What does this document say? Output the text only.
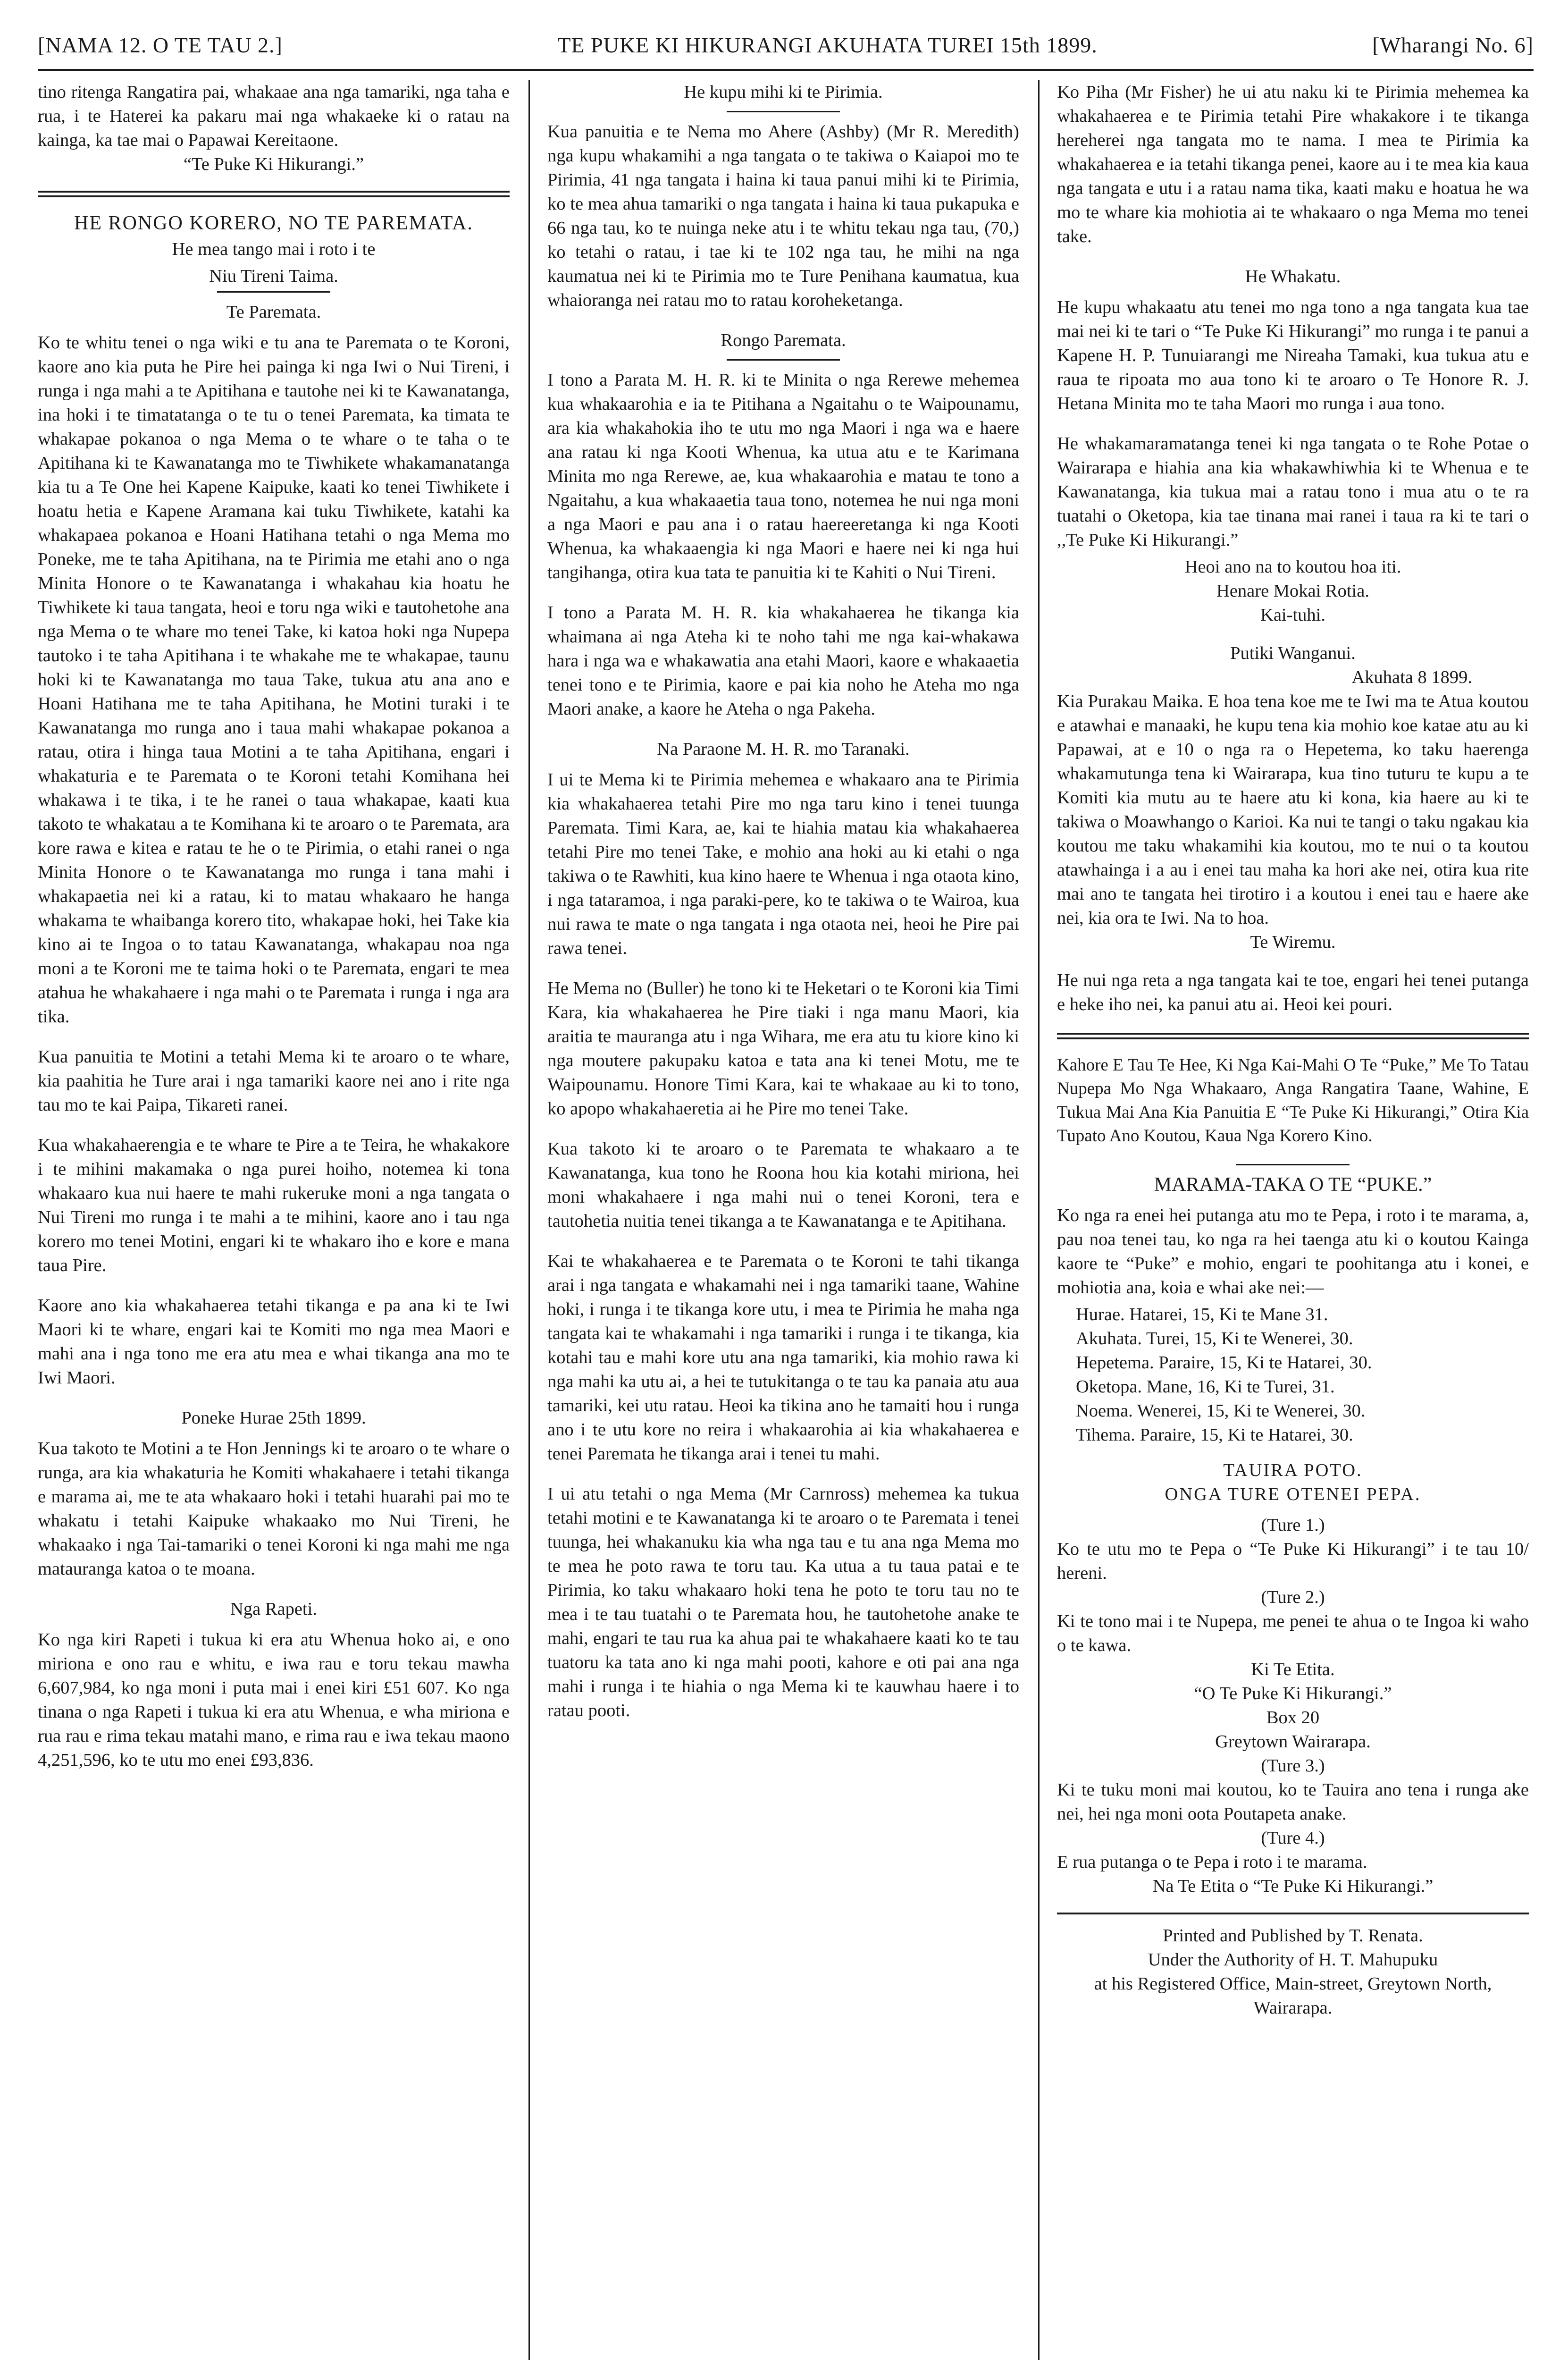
[NAMA 12. O TE TAU 2.]	TE PUKE KI HIKURANGI AKUHATA TUREI 15th 1899.	[Wharangi No. 6]

tino ritenga Rangatira pai, whakaae ana nga tamariki, nga taha e rua, i te Haterei ka pakaru mai nga whakaeke ki o ratau na kainga, ka tae mai o Papawai Kereitaone.

“Te Puke Ki Hikurangi.”

HE RONGO KORERO, NO TE PAREMATA.

He mea tango mai i roto i te

Niu Tireni Taima.

Te Paremata.

Ko te whitu tenei o nga wiki e tu ana te Paremata o te Koroni, kaore ano kia puta he Pire hei painga ki nga Iwi o Nui Tireni, i runga i nga mahi a te Apitihana e tautohe nei ki te Kawanatanga, ina hoki i te timatatanga o te tu o tenei Paremata, ka timata te whakapae pokanoa o nga Mema o te whare o te taha o te Apitihana ki te Kawanatanga mo te Tiwhikete whakamanatanga kia tu a Te One hei Kapene Kaipuke, kaati ko tenei Tiwhikete i hoatu hetia e Kapene Aramana kai tuku Tiwhikete, katahi ka whakapaea pokanoa e Hoani Hatihana tetahi o nga Mema mo Poneke, me te taha Apitihana, na te Pirimia me etahi ano o nga Minita Honore o te Kawanatanga i whakahau kia hoatu he Tiwhikete ki taua tangata, heoi e toru nga wiki e tautohetohe ana nga Mema o te whare mo tenei Take, ki katoa hoki nga Nupepa tautoko i te taha Apitihana i te whakahe me te whakapae, taunu hoki ki te Kawanatanga mo taua Take, tukua atu ana ano e Hoani Hatihana me te taha Apitihana, he Motini turaki i te Kawanatanga mo runga ano i taua mahi whakapae pokanoa a ratau, otira i hinga taua Motini a te taha Apitihana, engari i whakaturia e te Paremata o te Koroni tetahi Komihana hei whakawa i te tika, i te he ranei o taua whakapae, kaati kua takoto te whakatau a te Komihana ki te aroaro o te Paremata, ara kore rawa e kitea e ratau te he o te Pirimia, o etahi ranei o nga Minita Honore o te Kawanatanga mo runga i tana mahi i whakapaetia nei ki a ratau, ki to matau whakaaro he hanga whakama te whaibanga korero tito, whakapae hoki, hei Take kia kino ai te Ingoa o to tatau Kawanatanga, whakapau noa nga moni a te Koroni me te taima hoki o te Paremata, engari te mea atahua he whakahaere i nga mahi o te Paremata i runga i nga ara tika.

Kua panuitia te Motini a tetahi Mema ki te aroaro o te whare, kia paahitia he Ture arai i nga tamariki kaore nei ano i rite nga tau mo te kai Paipa, Tikareti ranei.

Kua whakahaerengia e te whare te Pire a te Teira, he whakakore i te mihini makamaka o nga purei hoiho, notemea ki tona whakaaro kua nui haere te mahi rukeruke moni a nga tangata o Nui Tireni mo runga i te mahi a te mihini, kaore ano i tau nga korero mo tenei Motini, engari ki te whakaro iho e kore e mana taua Pire.

Kaore ano kia whakahaerea tetahi tikanga e pa ana ki te Iwi Maori ki te whare, engari kai te Komiti mo nga mea Maori e mahi ana i nga tono me era atu mea e whai tikanga ana mo te Iwi Maori.

Poneke Hurae 25th 1899.

Kua takoto te Motini a te Hon Jennings ki te aroaro o te whare o runga, ara kia whakaturia he Komiti whakahaere i tetahi tikanga e marama ai, me te ata whakaaro hoki i tetahi huarahi pai mo te whakatu i tetahi Kaipuke whakaako mo Nui Tireni, he whakaako i nga Tai-tamariki o tenei Koroni ki nga mahi me nga matauranga katoa o te moana.

Nga Rapeti.

Ko nga kiri Rapeti i tukua ki era atu Whenua hoko ai, e ono miriona e ono rau e whitu, e iwa rau e toru tekau mawha 6,607,984, ko nga moni i puta mai i enei kiri £51 607. Ko nga tinana o nga Rapeti i tukua ki era atu Whenua, e wha miriona e rua rau e rima tekau matahi mano, e rima rau e iwa tekau maono 4,251,596, ko te utu mo enei £93,836.

He kupu mihi ki te Pirimia.

Kua panuitia e te Nema mo Ahere (Ashby) (Mr R. Meredith) nga kupu whakamihi a nga tangata o te takiwa o Kaiapoi mo te Pirimia, 41 nga tangata i haina ki taua panui mihi ki te Pirimia, ko te mea ahua tamariki o nga tangata i haina ki taua pukapuka e 66 nga tau, ko te nuinga neke atu i te whitu tekau nga tau, (70,) ko tetahi o ratau, i tae ki te 102 nga tau, he mihi na nga kaumatua nei ki te Pirimia mo te Ture Penihana kaumatua, kua whaioranga nei ratau mo to ratau koroheketanga.

Rongo Paremata.

I tono a Parata M. H. R. ki te Minita o nga Rerewe mehemea kua whakaarohia e ia te Pitihana a Ngaitahu o te Waipounamu, ara kia whakahokia iho te utu mo nga Maori i nga wa e haere ana ratau ki nga Kooti Whenua, ka utua atu e te Karimana Minita mo nga Rerewe, ae, kua whakaarohia e matau te tono a Ngaitahu, a kua whakaaetia taua tono, notemea he nui nga moni a nga Maori e pau ana i o ratau haereeretanga ki nga Kooti Whenua, ka whakaaengia ki nga Maori e haere nei ki nga hui tangihanga, otira kua tata te panuitia ki te Kahiti o Nui Tireni.

I tono a Parata M. H. R. kia whakahaerea he tikanga kia whaimana ai nga Ateha ki te noho tahi me nga kai-whakawa hara i nga wa e whakawatia ana etahi Maori, kaore e whakaaetia tenei tono e te Pirimia, kaore e pai kia noho he Ateha mo nga Maori anake, a kaore he Ateha o nga Pakeha.

Na Paraone M. H. R. mo Taranaki.

I ui te Mema ki te Pirimia mehemea e whakaaro ana te Pirimia kia whakahaerea tetahi Pire mo nga taru kino i tenei tuunga Paremata. Timi Kara, ae, kai te hiahia matau kia whakahaerea tetahi Pire mo tenei Take, e mohio ana hoki au ki etahi o nga takiwa o te Rawhiti, kua kino haere te Whenua i nga otaota kino, i nga tataramoa, i nga paraki-pere, ko te takiwa o te Wairoa, kua nui rawa te mate o nga tangata i nga otaota nei, heoi he Pire pai rawa tenei.

He Mema no (Buller) he tono ki te Heketari o te Koroni kia Timi Kara, kia whakahaerea he Pire tiaki i nga manu Maori, kia araitia te mauranga atu i nga Wihara, me era atu tu kiore kino ki nga moutere pakupaku katoa e tata ana ki tenei Motu, me te Waipounamu. Honore Timi Kara, kai te whakaae au ki to tono, ko apopo whakahaeretia ai he Pire mo tenei Take.

Kua takoto ki te aroaro o te Paremata te whakaaro a te Kawanatanga, kua tono he Roona hou kia kotahi miriona, hei moni whakahaere i nga mahi nui o tenei Koroni, tera e tautohetia nuitia tenei tikanga a te Kawanatanga e te Apitihana.

Kai te whakahaerea e te Paremata o te Koroni te tahi tikanga arai i nga tangata e whakamahi nei i nga tamariki taane, Wahine hoki, i runga i te tikanga kore utu, i mea te Pirimia he maha nga tangata kai te whakamahi i nga tamariki i runga i te tikanga, kia kotahi tau e mahi kore utu ana nga tamariki, kia mohio rawa ki nga mahi ka utu ai, a hei te tutukitanga o te tau ka panaia atu aua tamariki, kei utu ratau. Heoi ka tikina ano he tamaiti hou i runga ano i te utu kore no reira i whakaarohia ai kia whakahaerea e tenei Paremata he tikanga arai i tenei tu mahi.

I ui atu tetahi o nga Mema (Mr Carnross) mehemea ka tukua tetahi motini e te Kawanatanga ki te aroaro o te Paremata i tenei tuunga, hei whakanuku kia wha nga tau e tu ana nga Mema mo te mea he poto rawa te toru tau. Ka utua a tu taua patai e te Pirimia, ko taku whakaaro hoki tena he poto te toru tau no te mea i te tau tuatahi o te Paremata hou, he tautohetohe anake te mahi, engari te tau rua ka ahua pai te whakahaere kaati ko te tau tuatoru ka tata ano ki nga mahi pooti, kahore e oti pai ana nga mahi i runga i te hiahia o nga Mema ki te kauwhau haere i to ratau pooti.

Ko Piha (Mr Fisher) he ui atu naku ki te Pirimia mehemea ka whakahaerea e te Pirimia tetahi Pire whakakore i te tikanga hereherei nga tangata mo te nama. I mea te Pirimia ka whakahaerea e ia tetahi tikanga penei, kaore au i te mea kia kaua nga tangata e utu i a ratau nama tika, kaati maku e hoatua he wa mo te whare kia mohiotia ai te whakaaro o nga Mema mo tenei take.

He Whakatu.

He kupu whakaatu atu tenei mo nga tono a nga tangata kua tae mai nei ki te tari o “Te Puke Ki Hikurangi” mo runga i te panui a Kapene H. P. Tunuiarangi me Nireaha Tamaki, kua tukua atu e raua te ripoata mo aua tono ki te aroaro o Te Honore R. J. Hetana Minita mo te taha Maori mo runga i aua tono.

He whakamaramatanga tenei ki nga tangata o te Rohe Potae o Wairarapa e hiahia ana kia whakawhiwhia ki te Whenua e te Kawanatanga, kia tukua mai a ratau tono i mua atu o te ra tuatahi o Oketopa, kia tae tinana mai ranei i taua ra ki te tari o ,,Te Puke Ki Hikurangi.”

Heoi ano na to koutou hoa iti.

Henare Mokai Rotia.

Kai-tuhi.

Putiki Wanganui.

Akuhata 8 1899.

Kia Purakau Maika. E hoa tena koe me te Iwi ma te Atua koutou e atawhai e manaaki, he kupu tena kia mohio koe katae atu au ki Papawai, at e 10 o nga ra o Hepetema, ko taku haerenga whakamutunga tena ki Wairarapa, kua tino tuturu te kupu a te Komiti kia mutu au te haere atu ki kona, kia haere au ki te takiwa o Moawhango o Karioi. Ka nui te tangi o taku ngakau kia koutou me taku whakamihi kia koutou, mo te nui o ta koutou atawhainga i a au i enei tau maha ka hori ake nei, otira kua rite mai ano te tangata hei tirotiro i a koutou i enei tau e haere ake nei, kia ora te Iwi. Na to hoa.

Te Wiremu.

He nui nga reta a nga tangata kai te toe, engari hei tenei putanga e heke iho nei, ka panui atu ai. Heoi kei pouri.

Kahore E Tau Te Hee, Ki Nga Kai-Mahi O Te “Puke,” Me To Tatau Nupepa Mo Nga Whakaaro, Anga Rangatira Taane, Wahine, E Tukua Mai Ana Kia Panuitia E “Te Puke Ki Hikurangi,” Otira Kia Tupato Ano Koutou, Kaua Nga Korero Kino.

MARAMA-TAKA O TE “PUKE.”

Ko nga ra enei hei putanga atu mo te Pepa, i roto i te marama, a, pau noa tenei tau, ko nga ra hei taenga atu ki o koutou Kainga kaore te “Puke” e mohio, engari te poohitanga atu i konei, e mohiotia ana, koia e whai ake nei:—

Hurae. Hatarei, 15, Ki te Mane 31.
Akuhata. Turei, 15, Ki te Wenerei, 30.
Hepetema. Paraire, 15, Ki te Hatarei, 30.
Oketopa. Mane, 16, Ki te Turei, 31.
Noema. Wenerei, 15, Ki te Wenerei, 30.
Tihema. Paraire, 15, Ki te Hatarei, 30.

TAUIRA POTO.

ONGA TURE OTENEI PEPA.

(Ture 1.)

Ko te utu mo te Pepa o “Te Puke Ki Hikurangi” i te tau 10/ hereni.

(Ture 2.)

Ki te tono mai i te Nupepa, me penei te ahua o te Ingoa ki waho o te kawa.

Ki Te Etita.

“O Te Puke Ki Hikurangi.”

Box 20

Greytown Wairarapa.

(Ture 3.)

Ki te tuku moni mai koutou, ko te Tauira ano tena i runga ake nei, hei nga moni oota Poutapeta anake.

(Ture 4.)

E rua putanga o te Pepa i roto i te marama.

Na Te Etita o “Te Puke Ki Hikurangi.”

Printed and Published by T. Renata.
Under the Authority of H. T. Mahupuku
at his Registered Office, Main-street, Greytown North, Wairarapa.
